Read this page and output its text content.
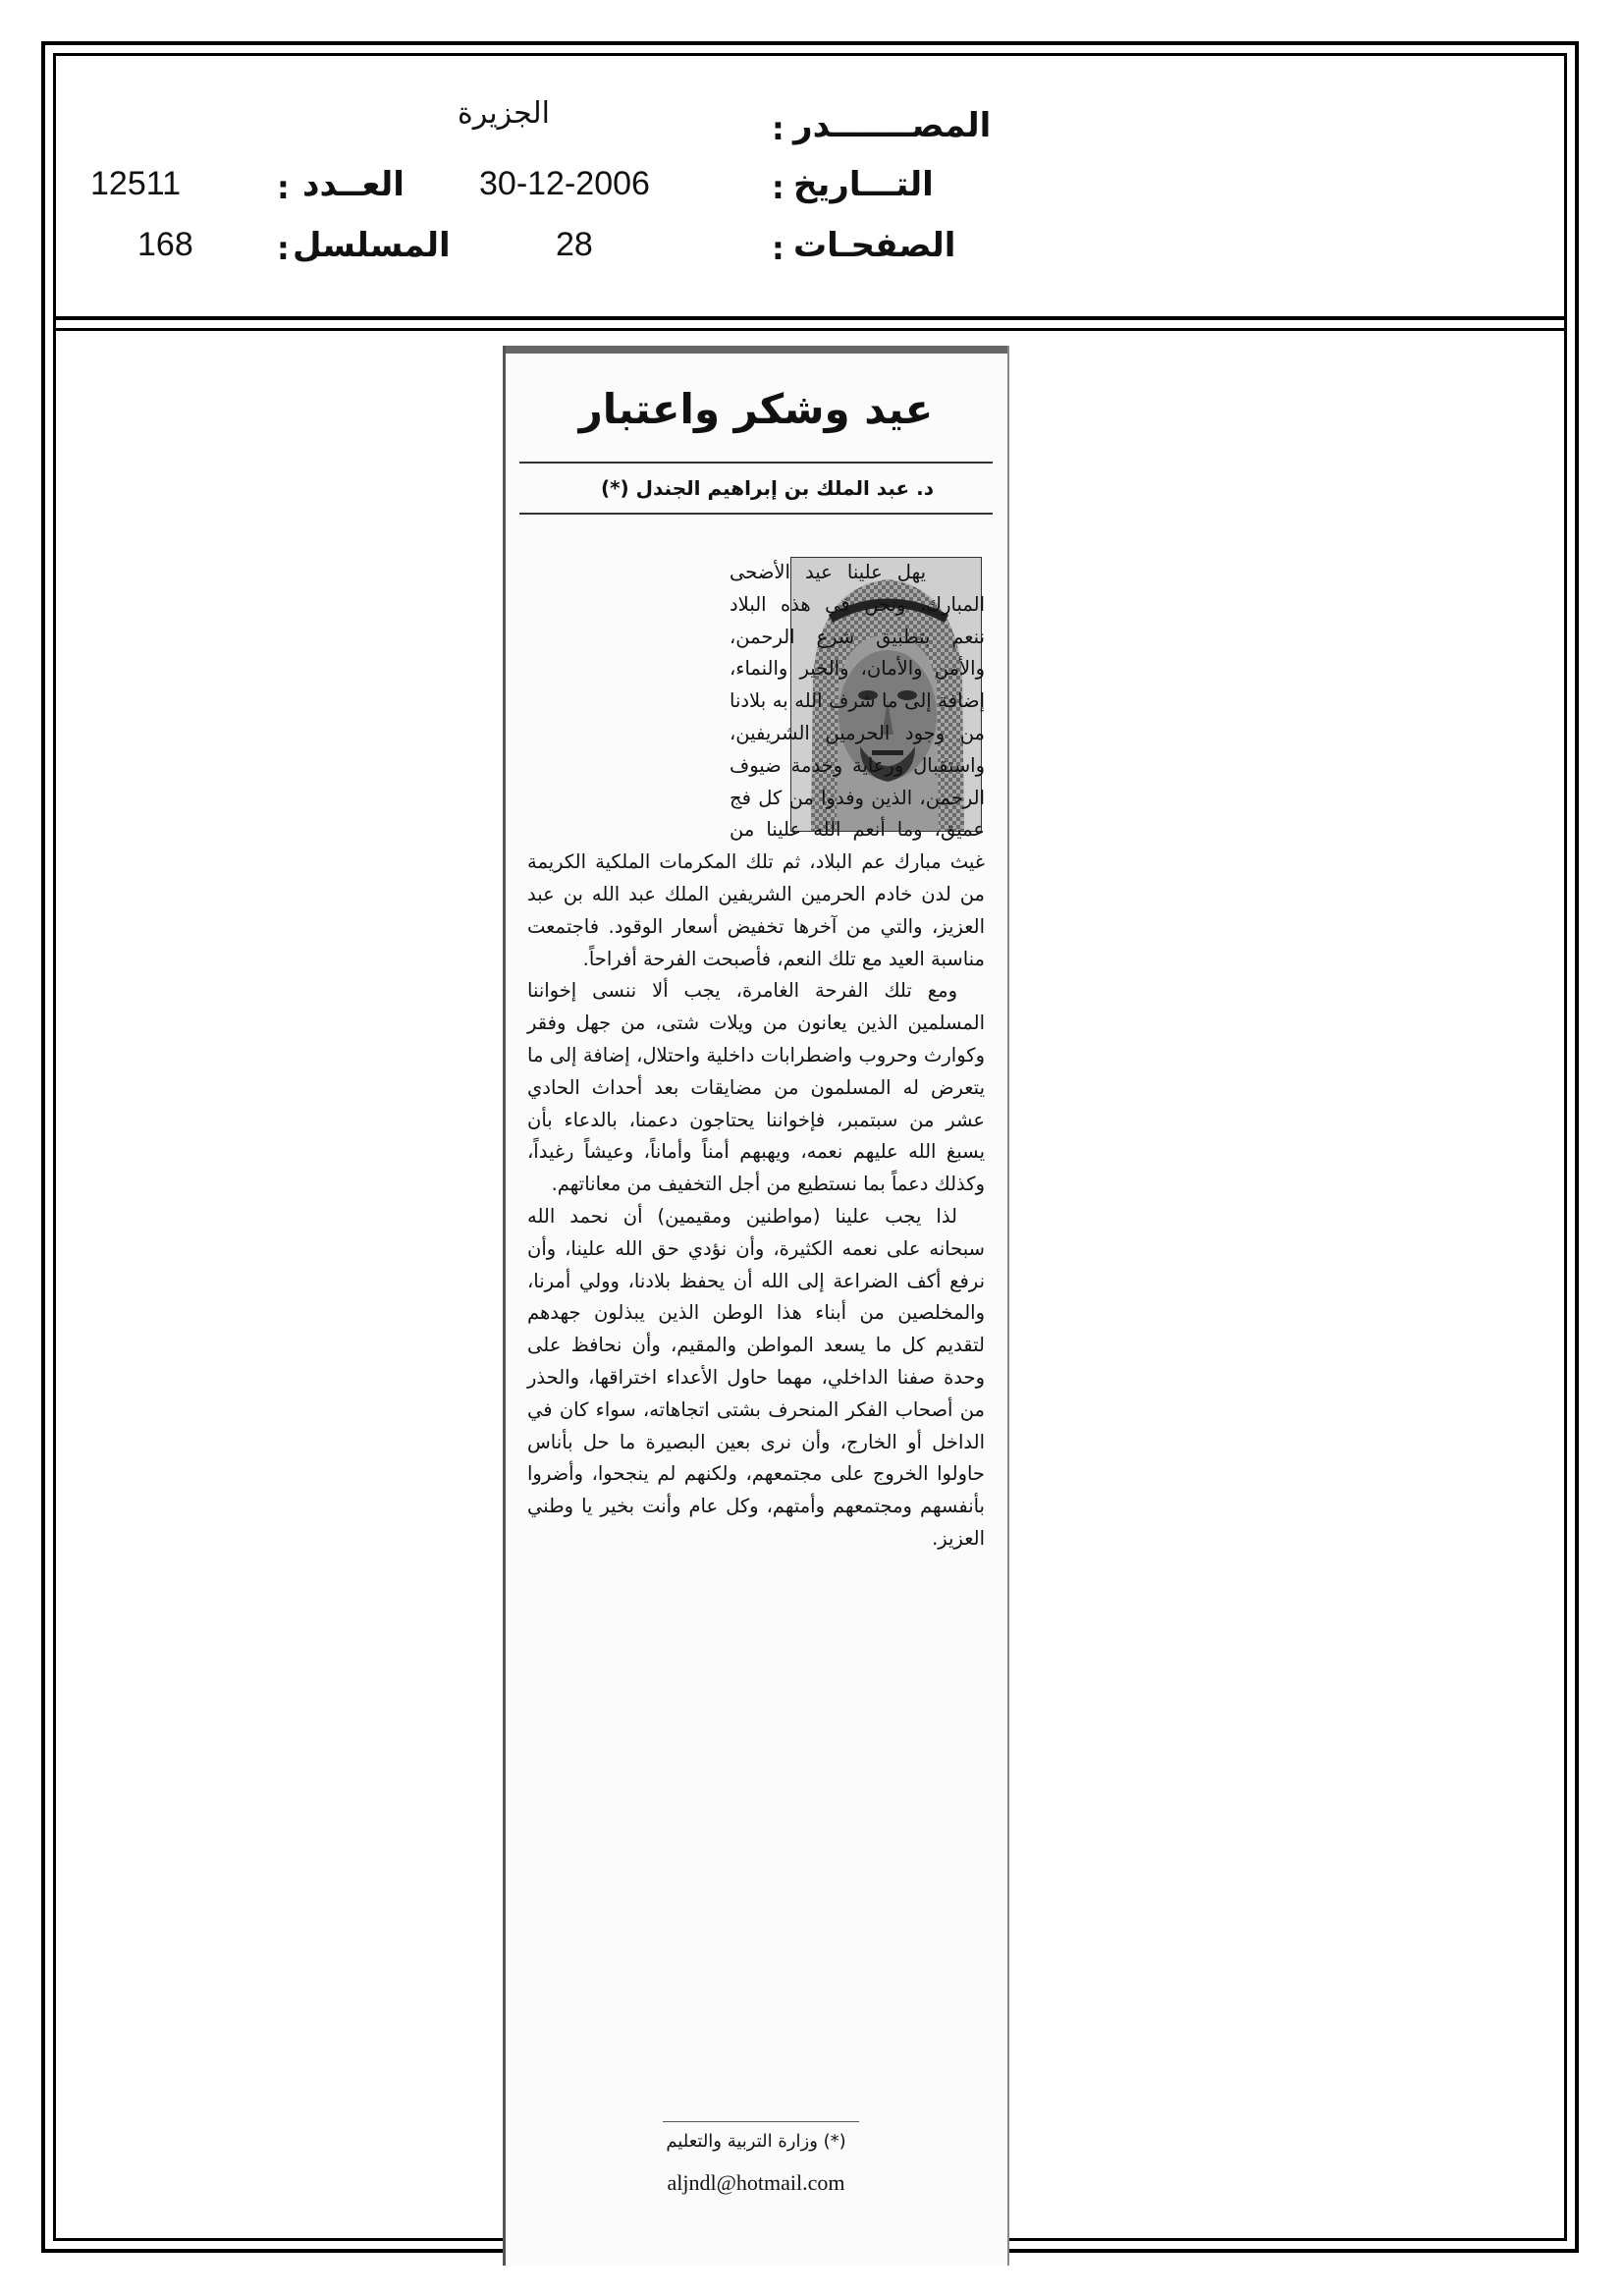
الجزيرة	: المصـــــــدر
12511	: العــدد 30-12-2006	: التـــاريخ
168	: المسلسل	28	: الصفحـات
عيد وشكر واعتبار
د. عبد الملك بن إبراهيم الجندل (*)

يهل علينا عيد الأضحى المبارك، ونحن في هذه البلاد ننعم بتطبيق شرع الرحمن، والأمن والأمان، والخير والنماء، إضافة إلى ما شرف الله به بلادنا من وجود الحرمين الشريفين، واستقبال ورعاية وخدمة ضيوف الرحمن، الذين وفدوا من كل فج عميق، وما أنعم الله علينا من غيث مبارك عم البلاد، ثم تلك المكرمات الملكية الكريمة من لدن خادم الحرمين الشريفين الملك عبد الله بن عبد العزيز، والتي من آخرها تخفيض أسعار الوقود. فاجتمعت مناسبة العيد مع تلك النعم، فأصبحت الفرحة أفراحاً.

ومع تلك الفرحة الغامرة، يجب ألا ننسى إخواننا المسلمين الذين يعانون من ويلات شتى، من جهل وفقر وكوارث وحروب واضطرابات داخلية واحتلال، إضافة إلى ما يتعرض له المسلمون من مضايقات بعد أحداث الحادي عشر من سبتمبر، فإخواننا يحتاجون دعمنا، بالدعاء بأن يسبغ الله عليهم نعمه، ويهبهم أمناً وأماناً، وعيشاً رغيداً، وكذلك دعماً بما نستطيع من أجل التخفيف من معاناتهم.

لذا يجب علينا (مواطنين ومقيمين) أن نحمد الله سبحانه على نعمه الكثيرة، وأن نؤدي حق الله علينا، وأن نرفع أكف الضراعة إلى الله أن يحفظ بلادنا، وولي أمرنا، والمخلصين من أبناء هذا الوطن الذين يبذلون جهدهم لتقديم كل ما يسعد المواطن والمقيم، وأن نحافظ على وحدة صفنا الداخلي، مهما حاول الأعداء اختراقها، والحذر من أصحاب الفكر المنحرف بشتى اتجاهاته، سواء كان في الداخل أو الخارج، وأن نرى بعين البصيرة ما حل بأناس حاولوا الخروج على مجتمعهم، ولكنهم لم ينجحوا، وأضروا بأنفسهم ومجتمعهم وأمتهم، وكل عام وأنت بخير يا وطني العزيز.

(*) وزارة التربية والتعليم
aljndl@hotmail.com
